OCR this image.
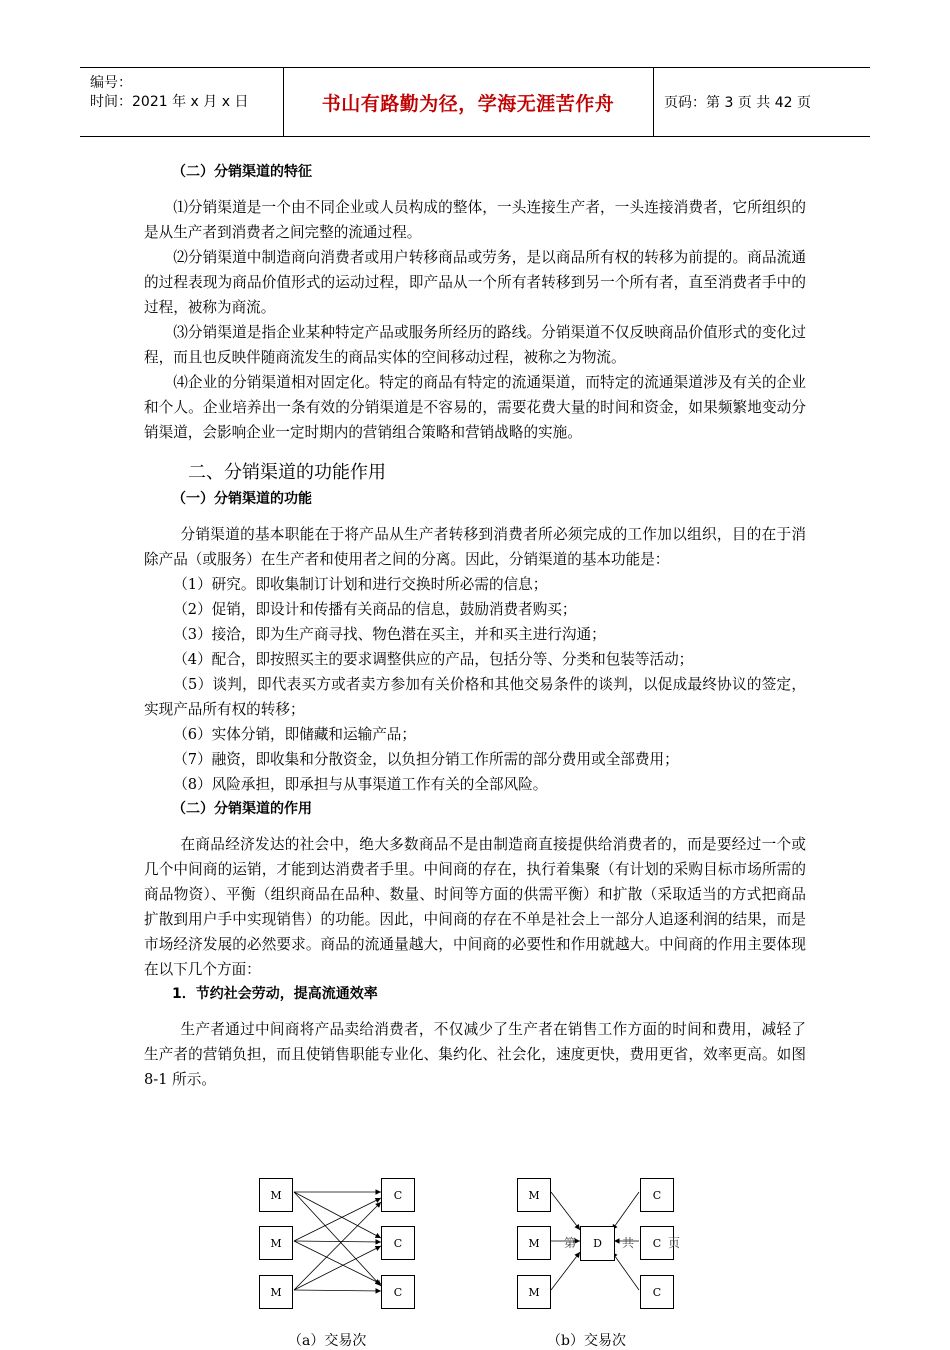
编号：
时间：2021 年 x 月 x 日	书山有路勤为径，学海无涯苦作舟	页码：第 3 页 共 42 页

（二）分销渠道的特征

⑴分销渠道是一个由不同企业或人员构成的整体，一头连接生产者，一头连接消费者，它所组织的是从生产者到消费者之间完整的流通过程。

⑵分销渠道中制造商向消费者或用户转移商品或劳务，是以商品所有权的转移为前提的。商品流通的过程表现为商品价值形式的运动过程，即产品从一个所有者转移到另一个所有者，直至消费者手中的过程，被称为商流。

⑶分销渠道是指企业某种特定产品或服务所经历的路线。分销渠道不仅反映商品价值形式的变化过程，而且也反映伴随商流发生的商品实体的空间移动过程，被称之为物流。

⑷企业的分销渠道相对固定化。特定的商品有特定的流通渠道，而特定的流通渠道涉及有关的企业和个人。企业培养出一条有效的分销渠道是不容易的，需要花费大量的时间和资金，如果频繁地变动分销渠道，会影响企业一定时期内的营销组合策略和营销战略的实施。

二、分销渠道的功能作用

（一）分销渠道的功能

分销渠道的基本职能在于将产品从生产者转移到消费者所必须完成的工作加以组织，目的在于消除产品（或服务）在生产者和使用者之间的分离。因此，分销渠道的基本功能是：

（1）研究。即收集制订计划和进行交换时所必需的信息；

（2）促销，即设计和传播有关商品的信息，鼓励消费者购买；

（3）接洽，即为生产商寻找、物色潜在买主，并和买主进行沟通；

（4）配合，即按照买主的要求调整供应的产品，包括分等、分类和包装等活动；

（5）谈判，即代表买方或者卖方参加有关价格和其他交易条件的谈判，以促成最终协议的签定，实现产品所有权的转移；

（6）实体分销，即储藏和运输产品；

（7）融资，即收集和分散资金，以负担分销工作所需的部分费用或全部费用；

（8）风险承担，即承担与从事渠道工作有关的全部风险。

（二）分销渠道的作用

在商品经济发达的社会中，绝大多数商品不是由制造商直接提供给消费者的，而是要经过一个或几个中间商的运销，才能到达消费者手里。中间商的存在，执行着集聚（有计划的采购目标市场所需的商品物资）、平衡（组织商品在品种、数量、时间等方面的供需平衡）和扩散（采取适当的方式把商品扩散到用户手中实现销售）的功能。因此，中间商的存在不单是社会上一部分人追逐利润的结果，而是市场经济发展的必然要求。商品的流通量越大，中间商的必要性和作用就越大。中间商的作用主要体现在以下几个方面：

1．节约社会劳动，提高流通效率

生产者通过中间商将产品卖给消费者，不仅减少了生产者在销售工作方面的时间和费用，减轻了生产者的营销负担，而且使销售职能专业化、集约化、社会化，速度更快，费用更省，效率更高。如图 8-1 所示。

M
M
M
C
C
C
M
M
M
D
C
C
C
第	共	页
（a）交易次	（b）交易次
